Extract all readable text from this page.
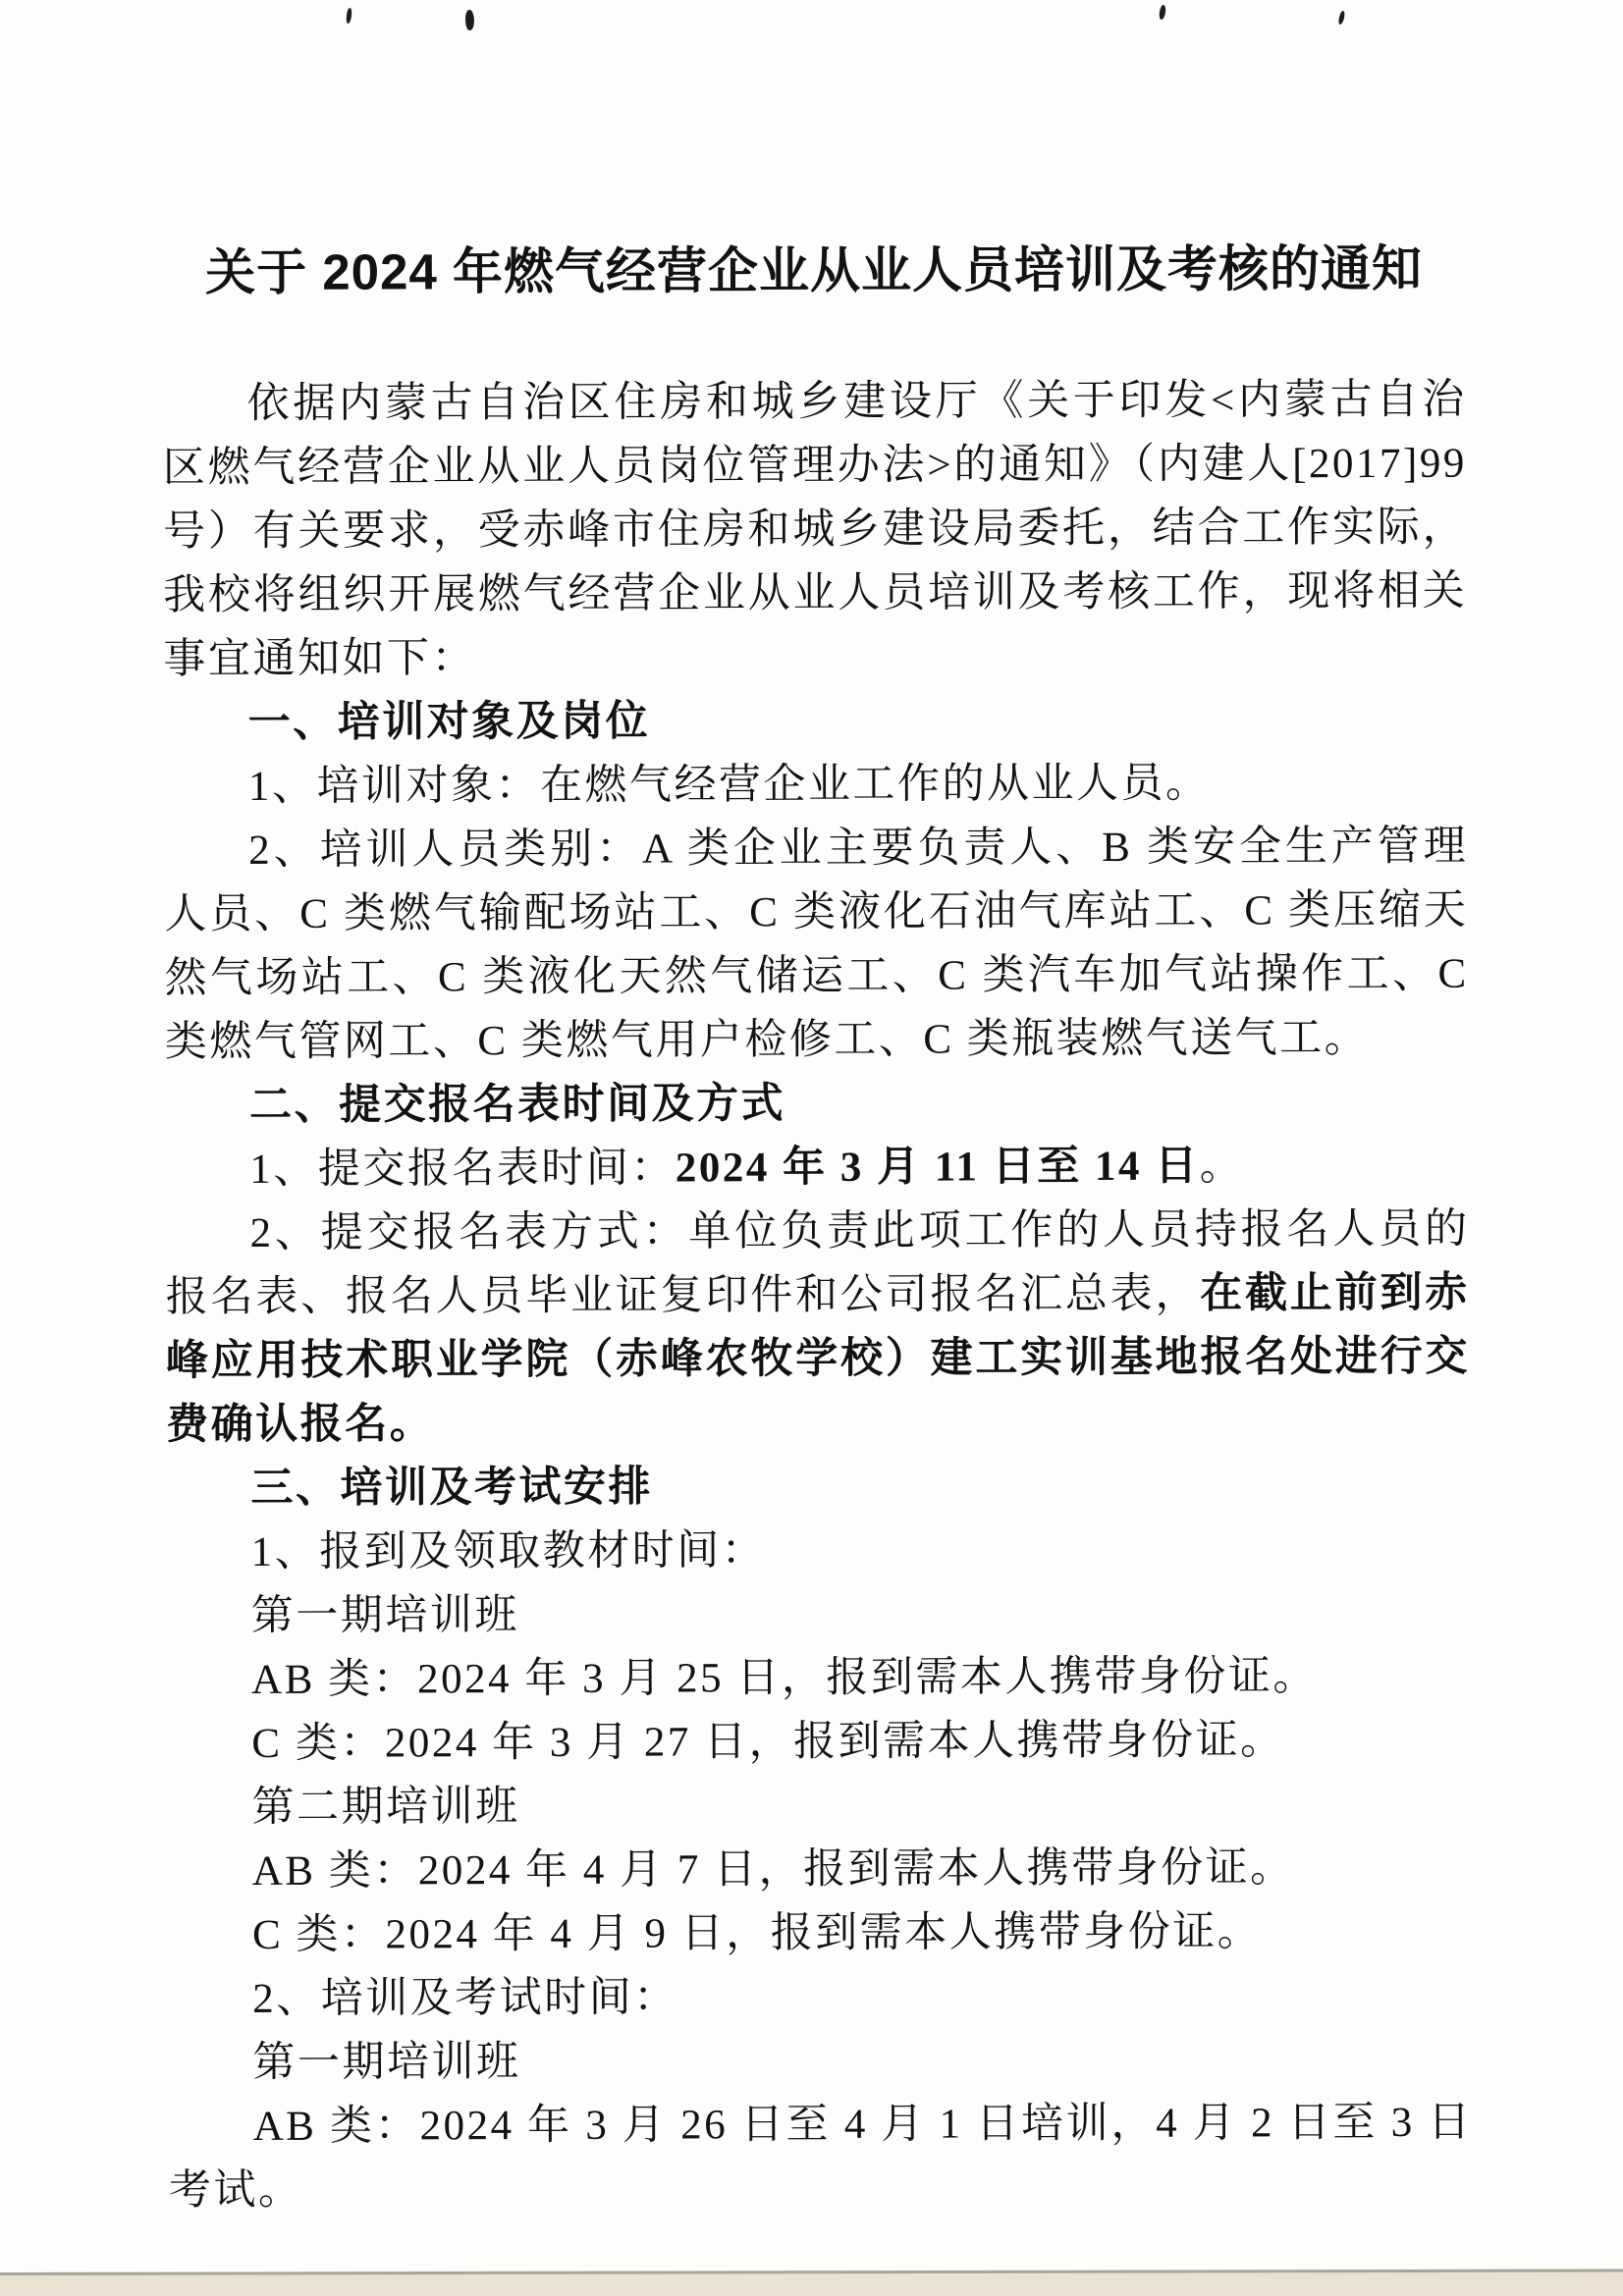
关于 2024 年燃气经营企业从业人员培训及考核的通知

依据内蒙古自治区住房和城乡建设厅《关于印发<内蒙古自治区燃气经营企业从业人员岗位管理办法>的通知》（内建人[2017]99 号）有关要求，受赤峰市住房和城乡建设局委托，结合工作实际，我校将组织开展燃气经营企业从业人员培训及考核工作，现将相关事宜通知如下：

一、培训对象及岗位

1、培训对象：在燃气经营企业工作的从业人员。

2、培训人员类别：A 类企业主要负责人、B 类安全生产管理人员、C 类燃气输配场站工、C 类液化石油气库站工、C 类压缩天然气场站工、C 类液化天然气储运工、C 类汽车加气站操作工、C 类燃气管网工、C 类燃气用户检修工、C 类瓶装燃气送气工。

二、提交报名表时间及方式

1、提交报名表时间：2024 年 3 月 11 日至 14 日。

2、提交报名表方式：单位负责此项工作的人员持报名人员的报名表、报名人员毕业证复印件和公司报名汇总表，在截止前到赤峰应用技术职业学院（赤峰农牧学校）建工实训基地报名处进行交费确认报名。

三、培训及考试安排

1、报到及领取教材时间：

第一期培训班

AB 类：2024 年 3 月 25 日，报到需本人携带身份证。

C 类：2024 年 3 月 27 日，报到需本人携带身份证。

第二期培训班

AB 类：2024 年 4 月 7 日，报到需本人携带身份证。

C 类：2024 年 4 月 9 日，报到需本人携带身份证。

2、培训及考试时间：

第一期培训班

AB 类：2024 年 3 月 26 日至 4 月 1 日培训，4 月 2 日至 3 日考试。
